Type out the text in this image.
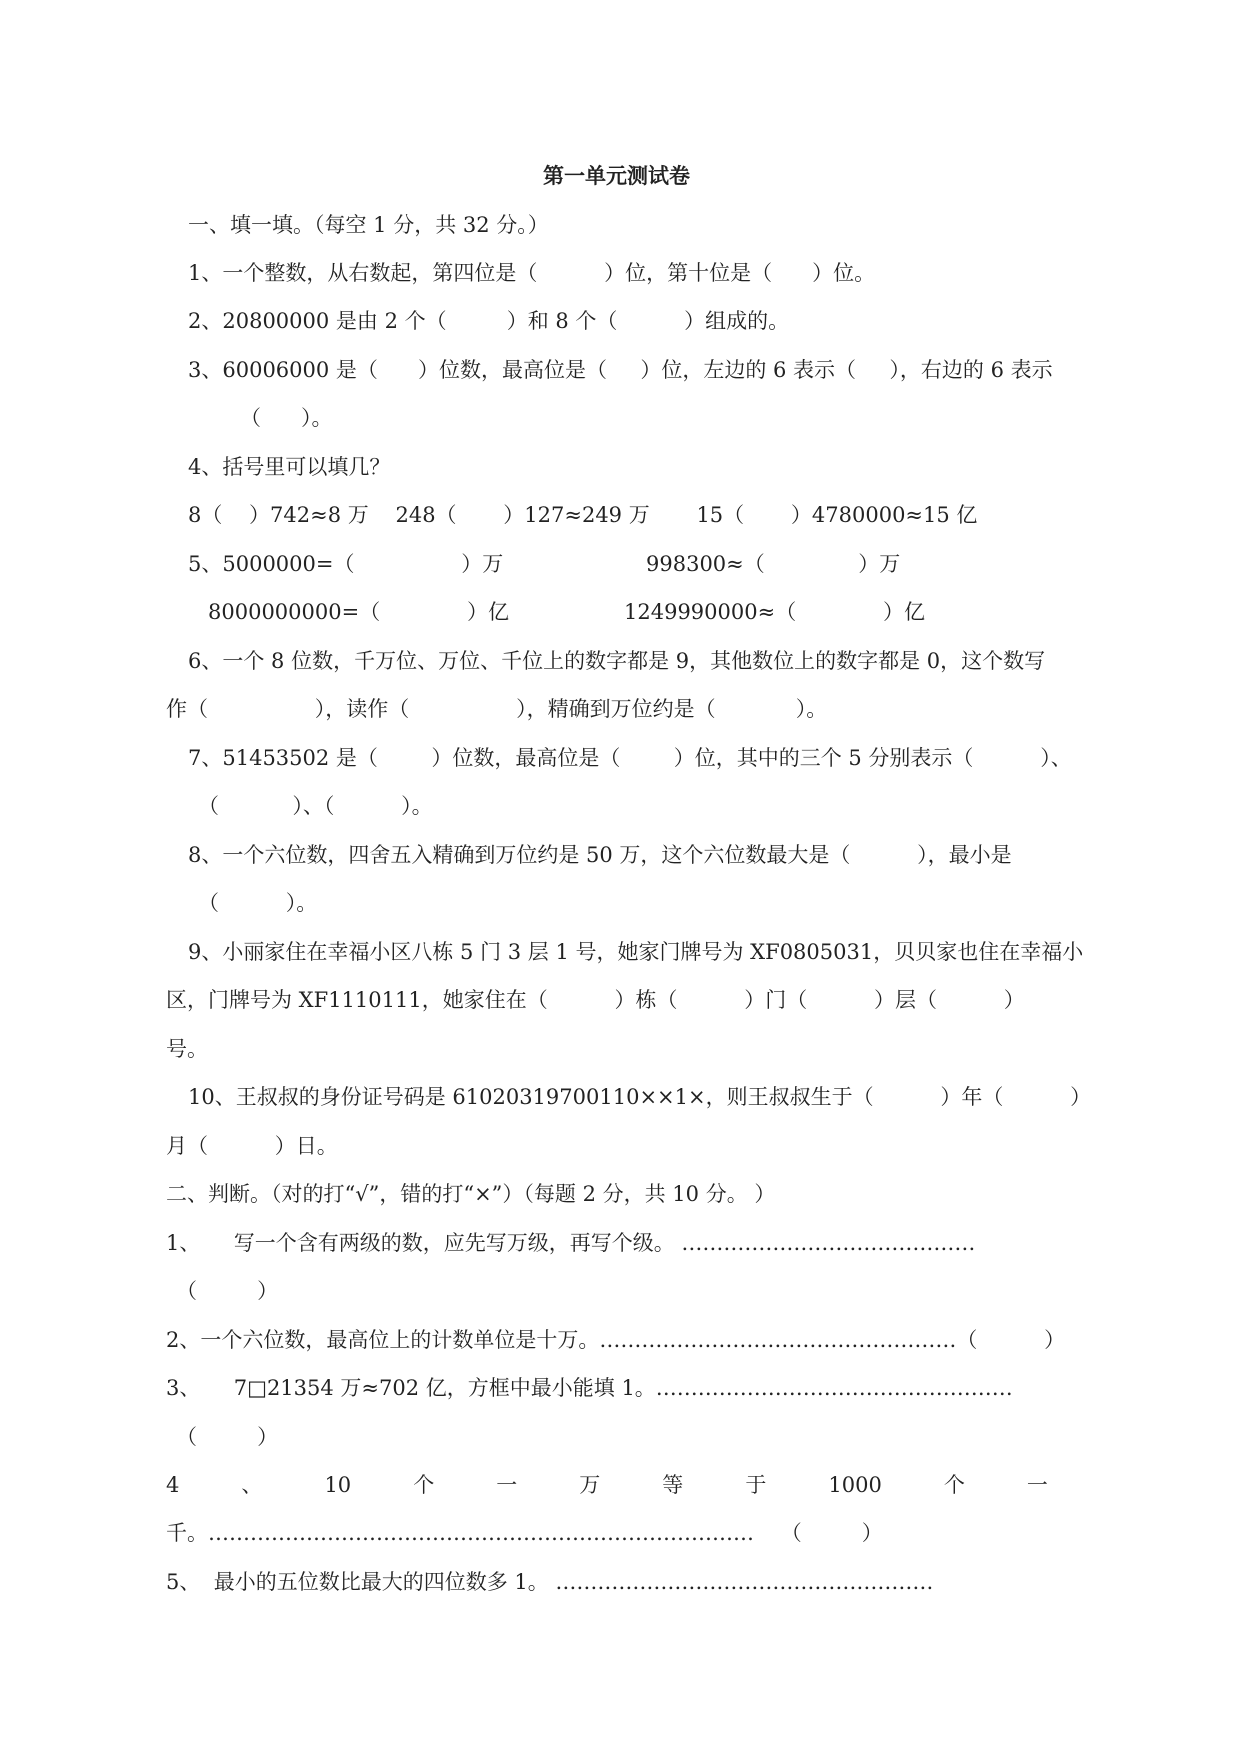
第一单元测试卷
一、填一填。（每空 1 分，共 32 分。）
1、一个整数，从右数起，第四位是（          ）位，第十位是（      ）位。
2、20800000 是由 2 个（         ）和 8 个（          ）组成的。
3、60006000 是（      ）位数，最高位是（     ）位，左边的 6 表示（     ），右边的 6 表示
（      ）。
4、括号里可以填几？
8（    ）742≈8 万    248（       ）127≈249 万       15（       ）4780000≈15 亿
5、5000000=（                ）万	998300≈（              ）万
8000000000=（             ）亿	1249990000≈（             ）亿
6、一个 8 位数，千万位、万位、千位上的数字都是 9，其他数位上的数字都是 0，这个数写
作（                ），读作（                ），精确到万位约是（            ）。
7、51453502 是（        ）位数，最高位是（        ）位，其中的三个 5 分别表示（          ）、
（           ）、（          ）。
8、一个六位数，四舍五入精确到万位约是 50 万，这个六位数最大是（          ），最小是
（          ）。
9、小丽家住在幸福小区八栋 5 门 3 层 1 号，她家门牌号为 XF0805031，贝贝家也住在幸福小
区，门牌号为 XF1110111，她家住在（          ）栋（          ）门（          ）层（          ）
号。
10、王叔叔的身份证号码是 61020319700110××1×，则王叔叔生于（          ）年（          ）
月（          ）日。
二、判断。（对的打“√”，错的打“×”）（每题 2 分，共 10 分。 ）
1、     写一个含有两级的数，应先写万级，再写个级。 ……………………………………
（         ）
2、一个六位数，最高位上的计数单位是十万。……………………………………………（          ）
3、     7□21354 万≈702 亿，方框中最小能填 1。……………………………………………
（         ）
4	、	10	个	一	万	等	于	1000	个	一
千。……………………………………………………………………    （         ）
5、  最小的五位数比最大的四位数多 1。 ………………………………………………
